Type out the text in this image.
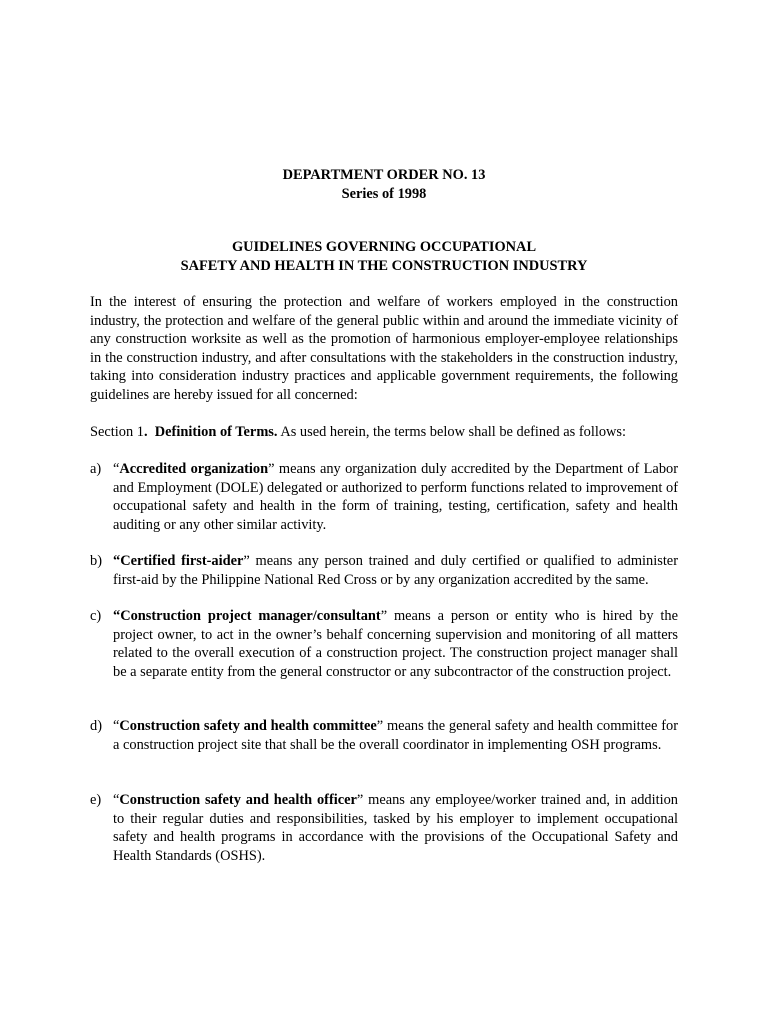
DEPARTMENT ORDER NO. 13

Series of 1998

GUIDELINES GOVERNING OCCUPATIONAL

SAFETY AND HEALTH IN THE CONSTRUCTION INDUSTRY

In the interest of ensuring the protection and welfare of workers employed in the construction industry, the protection and welfare of the general public within and around the immediate vicinity of any construction worksite as well as the promotion of harmonious employer-employee relationships in the construction industry, and after consultations with the stakeholders in the construction industry, taking into consideration industry practices and applicable government requirements, the following guidelines are hereby issued for all concerned:

Section 1. Definition of Terms. As used herein, the terms below shall be defined as follows:

a) “Accredited organization” means any organization duly accredited by the Department of Labor and Employment (DOLE) delegated or authorized to perform functions related to improvement of occupational safety and health in the form of training, testing, certification, safety and health auditing or any other similar activity.
b) “Certified first-aider” means any person trained and duly certified or qualified to administer first-aid by the Philippine National Red Cross or by any organization accredited by the same.
c) “Construction project manager/consultant” means a person or entity who is hired by the project owner, to act in the owner’s behalf concerning supervision and monitoring of all matters related to the overall execution of a construction project. The construction project manager shall be a separate entity from the general constructor or any subcontractor of the construction project.
d) “Construction safety and health committee” means the general safety and health committee for a construction project site that shall be the overall coordinator in implementing OSH programs.
e) “Construction safety and health officer” means any employee/worker trained and, in addition to their regular duties and responsibilities, tasked by his employer to implement occupational safety and health programs in accordance with the provisions of the Occupational Safety and Health Standards (OSHS).
